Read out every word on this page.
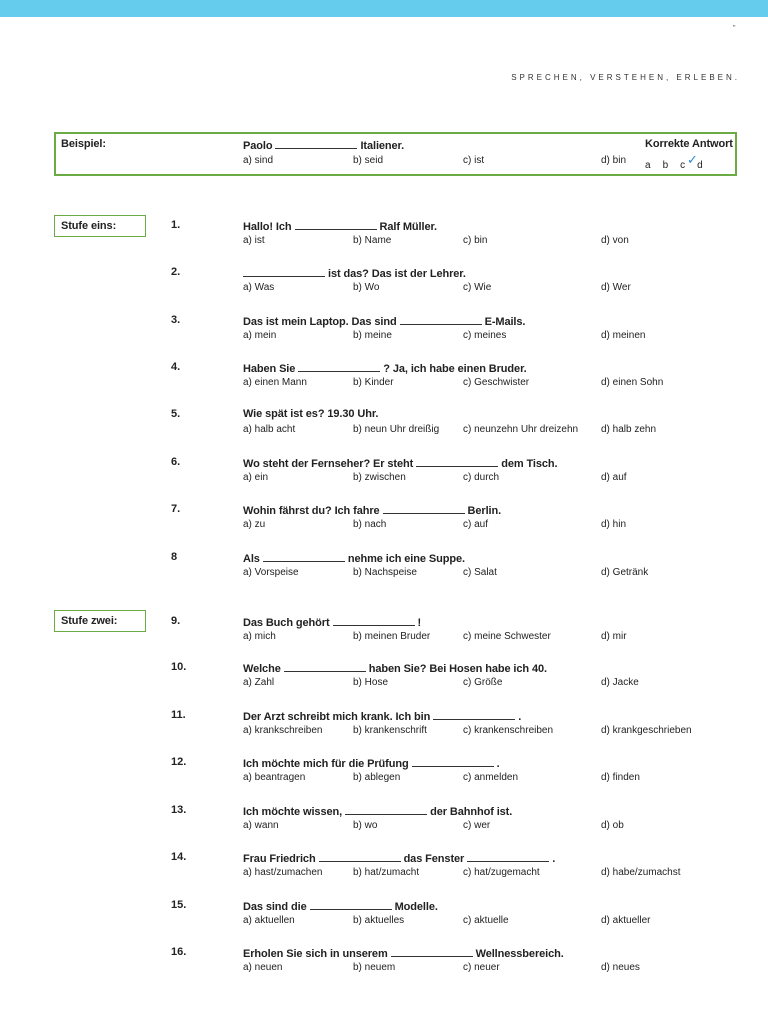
"
SPRECHEN, VERSTEHEN, ERLEBEN.
Beispiel:	Paolo	Italiener.
a) sind	b) seid	c) ist	d) bin
Korrekte Antwort
a b c d
✓
Stufe eins:
Stufe zwei:
1.	Hallo! Ich	Ralf Müller.
a) ist	b) Name	c) bin	d) von
2.	ist das? Das ist der Lehrer.
a) Was	b) Wo	c) Wie	d) Wer
3.	Das ist mein Laptop. Das sind	E-Mails.
a) mein	b) meine	c) meines	d) meinen
4.	Haben Sie	? Ja, ich habe einen Bruder.
a) einen Mann	b) Kinder	c) Geschwister	d) einen Sohn
5.	Wie spät ist es? 19.30 Uhr.
a) halb acht	b) neun Uhr dreißig c) neunzehn Uhr dreizehn d) halb zehn
6.	Wo steht der Fernseher? Er steht	dem Tisch.
a) ein	b) zwischen	c) durch	d) auf
7.	Wohin fährst du? Ich fahre	Berlin.
a) zu	b) nach	c) auf	d) hin
8	Als	nehme ich eine Suppe.
a) Vorspeise	b) Nachspeise	c) Salat	d) Getränk
9.	Das Buch gehört	!
a) mich	b) meinen Bruder	c) meine Schwester	d) mir
10.	Welche	haben Sie? Bei Hosen habe ich 40.
a) Zahl	b) Hose	c) Größe	d) Jacke
11.	Der Arzt schreibt mich krank. Ich bin	.
a) krankschreiben	b) krankenschrift	c) krankenschreiben	d) krankgeschrieben
12.	Ich möchte mich für die Prüfung	.
a) beantragen	b) ablegen	c) anmelden	d) finden
13.	Ich möchte wissen,	der Bahnhof ist.
a) wann	b) wo	c) wer	d) ob
14.	Frau Friedrich	das Fenster	.
a) hast/zumachen	b) hat/zumacht	c) hat/zugemacht	d) habe/zumachst
15.	Das sind die	Modelle.
a) aktuellen	b) aktuelles	c) aktuelle	d) aktueller
16.	Erholen Sie sich in unserem	Wellnessbereich.
a) neuen	b) neuem	c) neuer	d) neues
